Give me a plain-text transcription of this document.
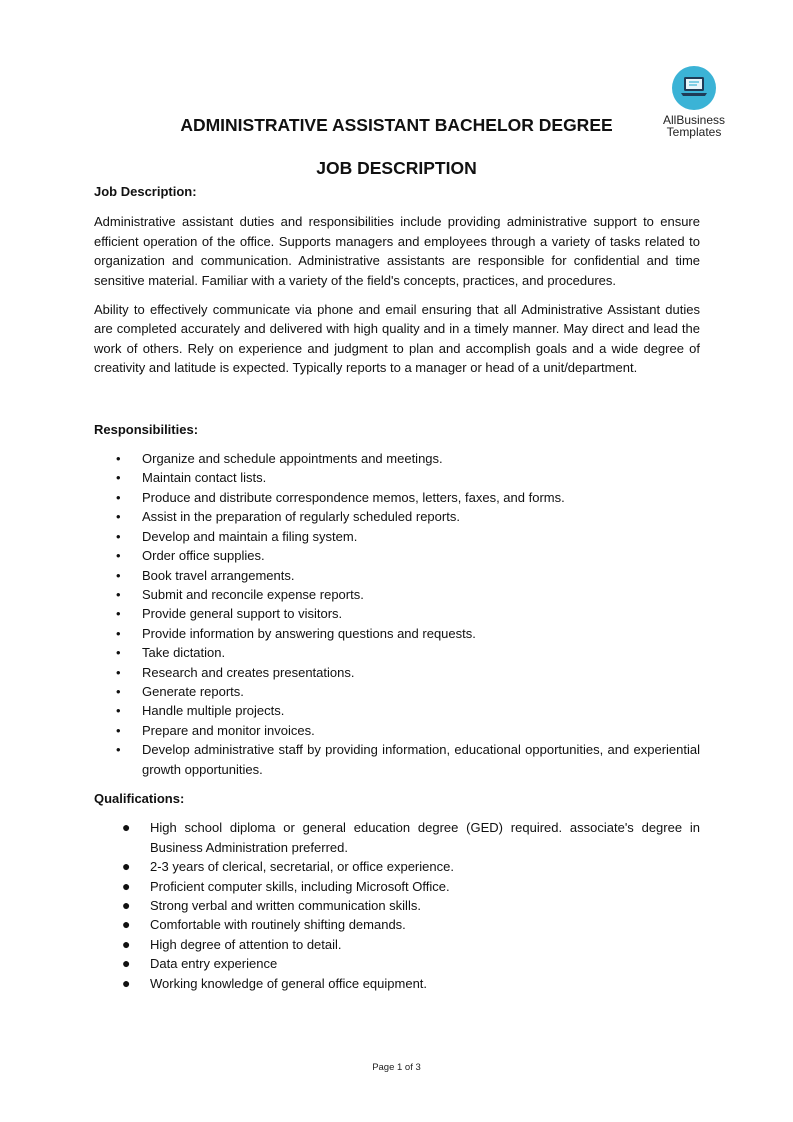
AllBusiness
Templates
ADMINISTRATIVE ASSISTANT BACHELOR DEGREE
JOB DESCRIPTION

Job Description:

Administrative assistant duties and responsibilities include providing administrative support to ensure efficient operation of the office. Supports managers and employees through a variety of tasks related to organization and communication. Administrative assistants are responsible for confidential and time sensitive material. Familiar with a variety of the field's concepts, practices, and procedures.

Ability to effectively communicate via phone and email ensuring that all Administrative Assistant duties are completed accurately and delivered with high quality and in a timely manner. May direct and lead the work of others. Rely on experience and judgment to plan and accomplish goals and a wide degree of creativity and latitude is expected. Typically reports to a manager or head of a unit/department.

Responsibilities:

• Organize and schedule appointments and meetings.
• Maintain contact lists.
• Produce and distribute correspondence memos, letters, faxes, and forms.
• Assist in the preparation of regularly scheduled reports.
• Develop and maintain a filing system.
• Order office supplies.
• Book travel arrangements.
• Submit and reconcile expense reports.
• Provide general support to visitors.
• Provide information by answering questions and requests.
• Take dictation.
• Research and creates presentations.
• Generate reports.
• Handle multiple projects.
• Prepare and monitor invoices.
• Develop administrative staff by providing information, educational opportunities, and experiential growth opportunities.

Qualifications:

● High school diploma or general education degree (GED) required. associate's degree in Business Administration preferred.
● 2-3 years of clerical, secretarial, or office experience.
● Proficient computer skills, including Microsoft Office.
● Strong verbal and written communication skills.
● Comfortable with routinely shifting demands.
● High degree of attention to detail.
● Data entry experience
● Working knowledge of general office equipment.
Page 1 of 3
